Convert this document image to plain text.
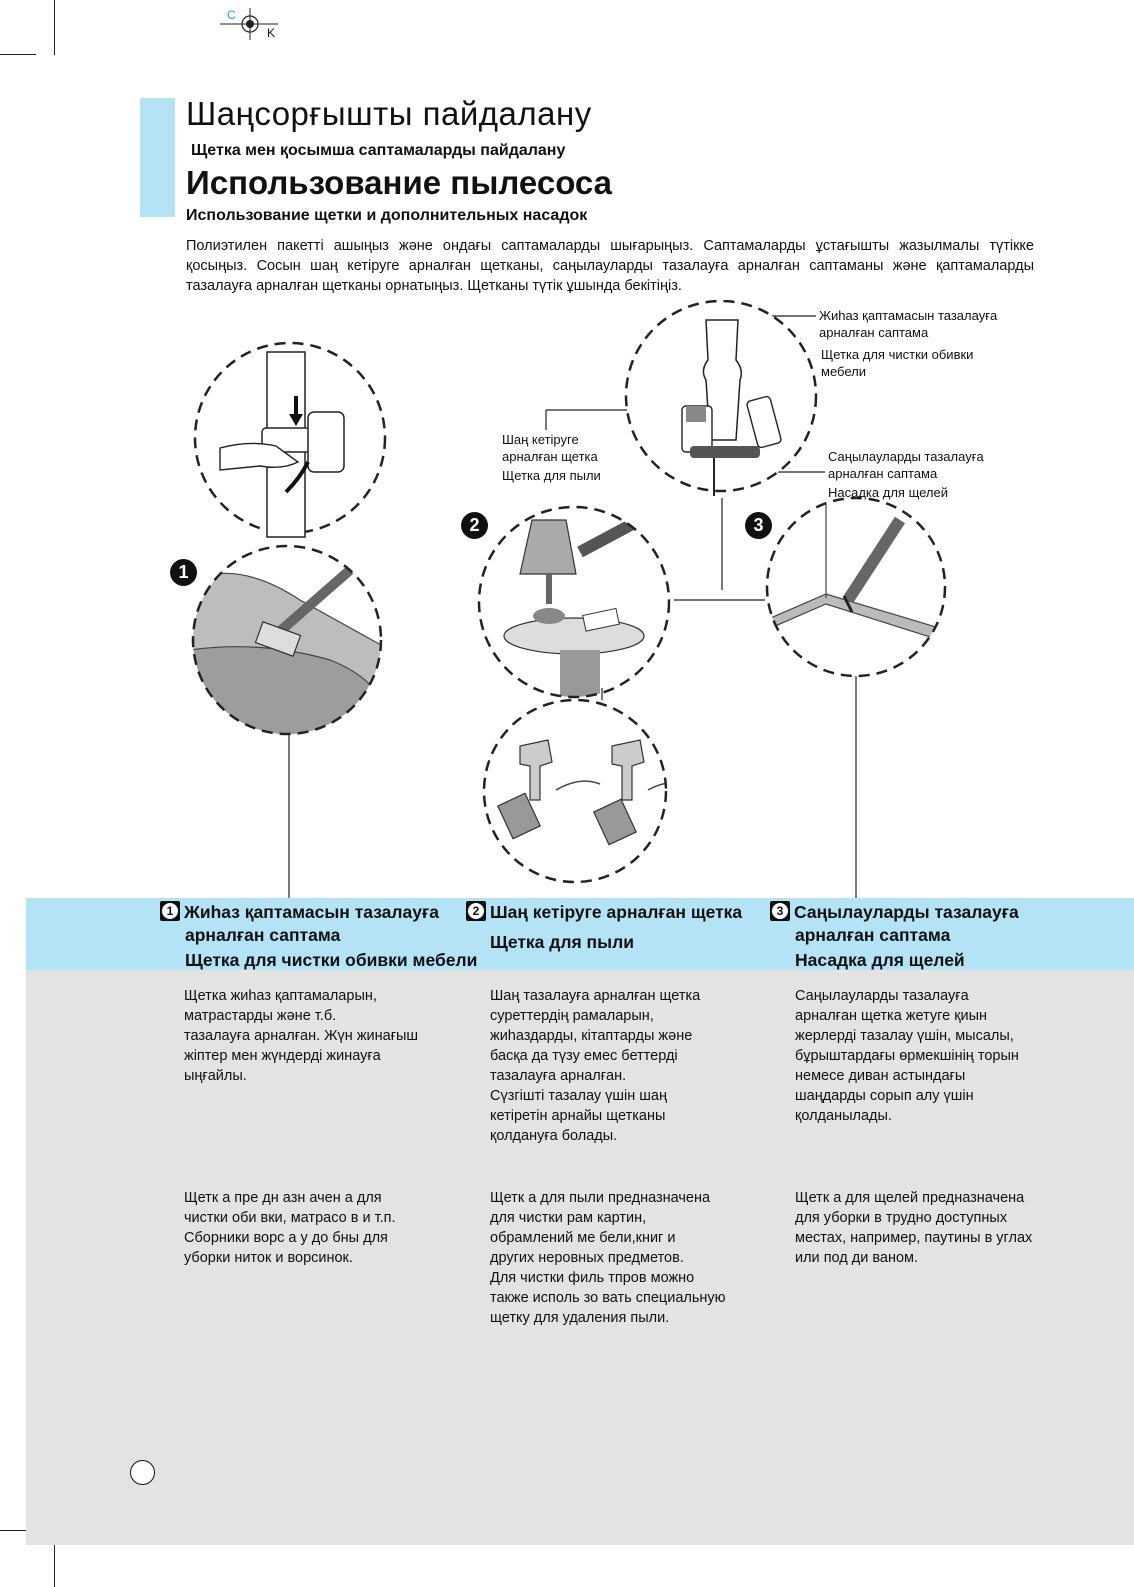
C
K
Шаңсорғышты пайдалану
Щетка мен қосымша саптамаларды пайдалану
Использование пылесоса
Использование щетки и дополнительных насадок
Полиэтилен пакетті ашыңыз және ондағы саптамаларды шығарыңыз. Саптамаларды ұстағышты жазылмалы түтікке қосыңыз. Сосын шаң кетіруге арналған щетканы, саңылауларды тазалауға арналған саптаманы және қаптамаларды тазалауға арналған щетканы орнатыңыз. Щетканы түтік ұшында бекітіңіз.
1
2	3
Жиһаз қаптамасын тазалауға
арналған саптама
Щетка для чистки обивки
мебели
Шаң кетіруге
арналған щетка
Щетка для пыли
Саңылауларды тазалауға
арналған саптама
Насадка для щелей
1 Жиһаз қаптамасын тазалауға
арналған саптама
Щетка для чистки обивки мебели
Щетка жиһаз қаптамаларын,
матрастарды және т.б.
тазалауға арналған. Жүн жинағыш
жіптер мен жүндерді жинауға
ыңғайлы.
Щетк а пре дн азн ачен а для
чистки оби вки, матрасо в и т.п.
Сборники ворс а у до бны для
уборки ниток и ворсинок.
2 Шаң кетіруге арналған щетка
Щетка для пыли
Шаң тазалауға арналған щетка
суреттердің рамаларын,
жиһаздарды, кітаптарды және
басқа да түзу емес беттерді
тазалауға арналған.
Сүзгішті тазалау үшін шаң
кетіретін арнайы щетканы
қолдануға болады.
Щетк а для пыли предназначена
для чистки рам картин,
обрамлений ме бели,книг и
других неровных предметов.
Для чистки филь тпров можно
также исполь зо вать специальную
щетку для удаления пыли.
3 Саңылауларды тазалауға
арналған саптама
Насадка для щелей
Саңылауларды тазалауға
арналған щетка жетуге қиын
жерлерді тазалау үшін, мысалы,
бұрыштардағы өрмекшінің торын
немесе диван астындағы
шаңдарды сорып алу үшін
қолданылады.
Щетк а для щелей предназначена
для уборки в трудно доступных
местах, например, паутины в углах
или под ди ваном.
